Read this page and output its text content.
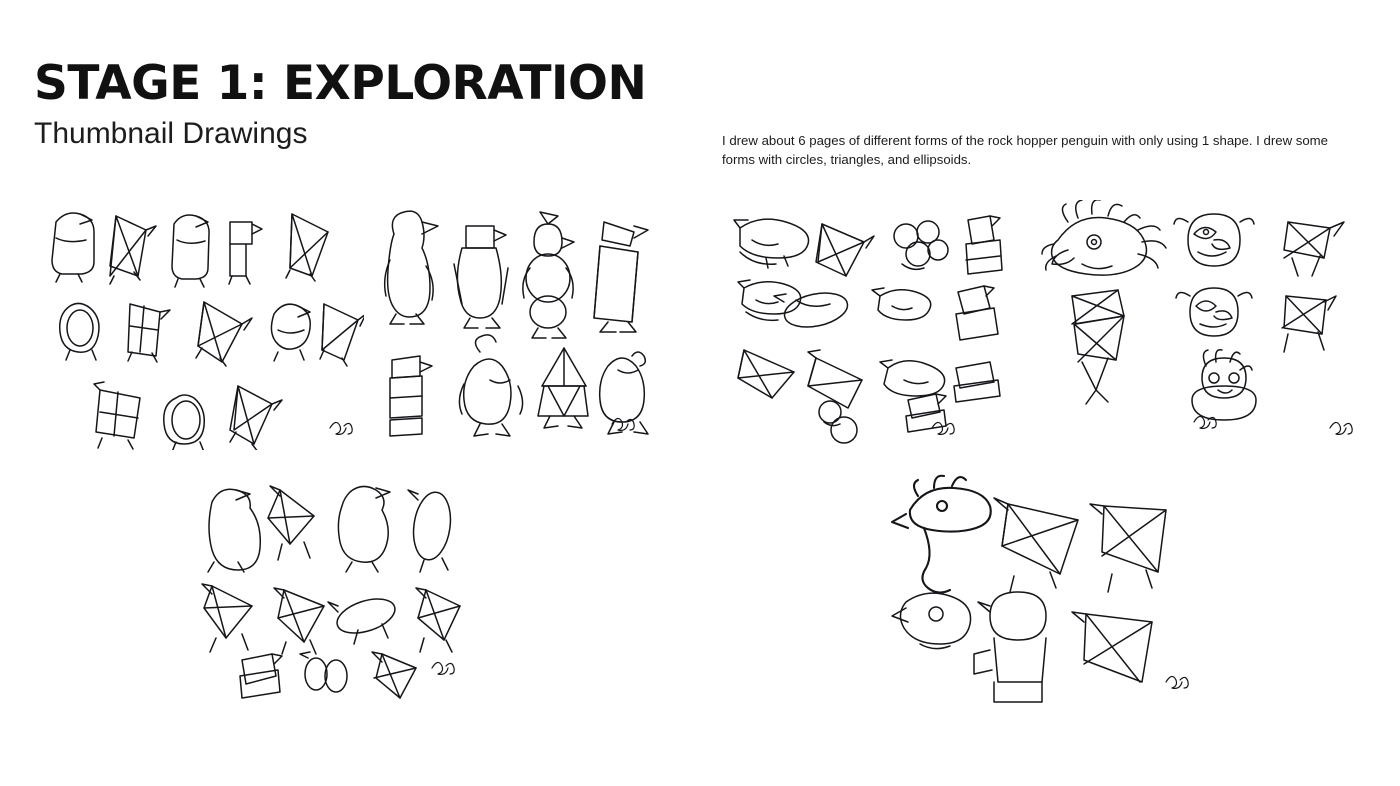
STAGE 1: EXPLORATION

Thumbnail Drawings	I drew about 6 pages of different forms of the rock hopper penguin with only using 1 shape. I drew some forms with circles, triangles, and ellipsoids.
